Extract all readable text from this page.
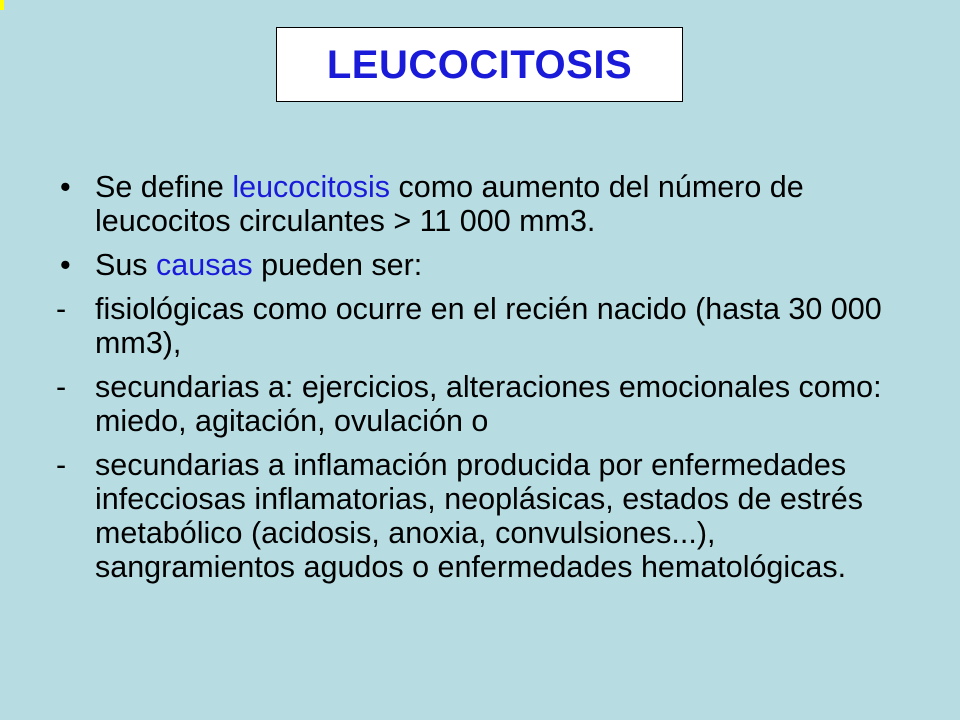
LEUCOCITOSIS
• Se define leucocitosis como aumento del número de leucocitos circulantes > 11 000 mm3.
• Sus causas pueden ser:
- fisiológicas como ocurre en el recién nacido (hasta 30 000 mm3),
- secundarias a: ejercicios, alteraciones emocionales como: miedo, agitación, ovulación o
- secundarias a inflamación producida por enfermedades infecciosas inflamatorias, neoplásicas, estados de estrés metabólico (acidosis, anoxia, convulsiones...), sangramientos agudos o enfermedades hematológicas.
